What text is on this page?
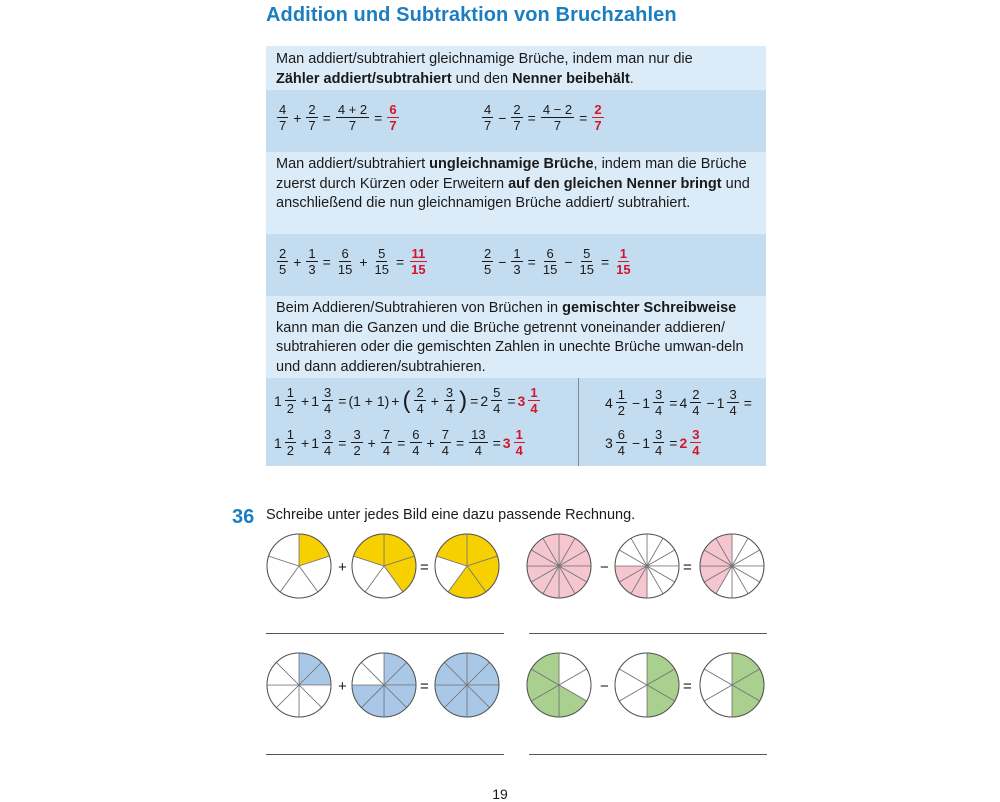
Addition und Subtraktion von Bruchzahlen
Man addiert/subtrahiert gleichnamige Brüche, indem man nur die
Zähler addiert/subtrahiert und den Nenner beibehält.
4
$7 + \frac{2}{7} = \frac{4 + 2}{7} = \frac{6}{7}$	4
$7 - \frac{2}{7} = \frac{4 - 2}{7} = \frac{2}{7}$
Man addiert/subtrahiert ungleichnamige Brüche, indem man die Brüche zuerst durch Kürzen oder Erweitern auf den gleichen Nenner bringt und anschließend die nun gleichnamigen Brüche addiert/ subtrahiert.
2
$5 + \frac{1}{3} = \frac{6}{15} + \frac{5}{15} = \frac{11}{15}$	2
$5 - \frac{1}{3} = \frac{6}{15} - \frac{5}{15} = \frac{1}{15}$
Beim Addieren/Subtrahieren von Brüchen in gemischter Schreibweise kann man die Ganzen und die Brüche getrennt voneinander addieren/ subtrahieren oder die gemischten Zahlen in unechte Brüche umwan-deln und dann addieren/subtrahieren.
1 1
$2 + 1 \frac{3}{4} = (1 + 1)$ + ( 2
$4 + \frac{3}{4}$ ) = $2 \frac{5}{4} = 3$ 1
4	4 1
$2 - 1 \frac{3}{4} = 4$ 2
$4 - 1 \frac{3}{4}$ =
1 1
$2 + 1 \frac{3}{4} = \frac{3}{2} + \frac{7}{4} = \frac{6}{4} + \frac{7}{4} = \frac{13}{4} = 3$ 1
4	3 6
$4 - 1 \frac{3}{4} = 2$ 3
4
36 Schreibe unter jedes Bild eine dazu passende Rechnung.
+	=	−	=
+	=	−	=
19
